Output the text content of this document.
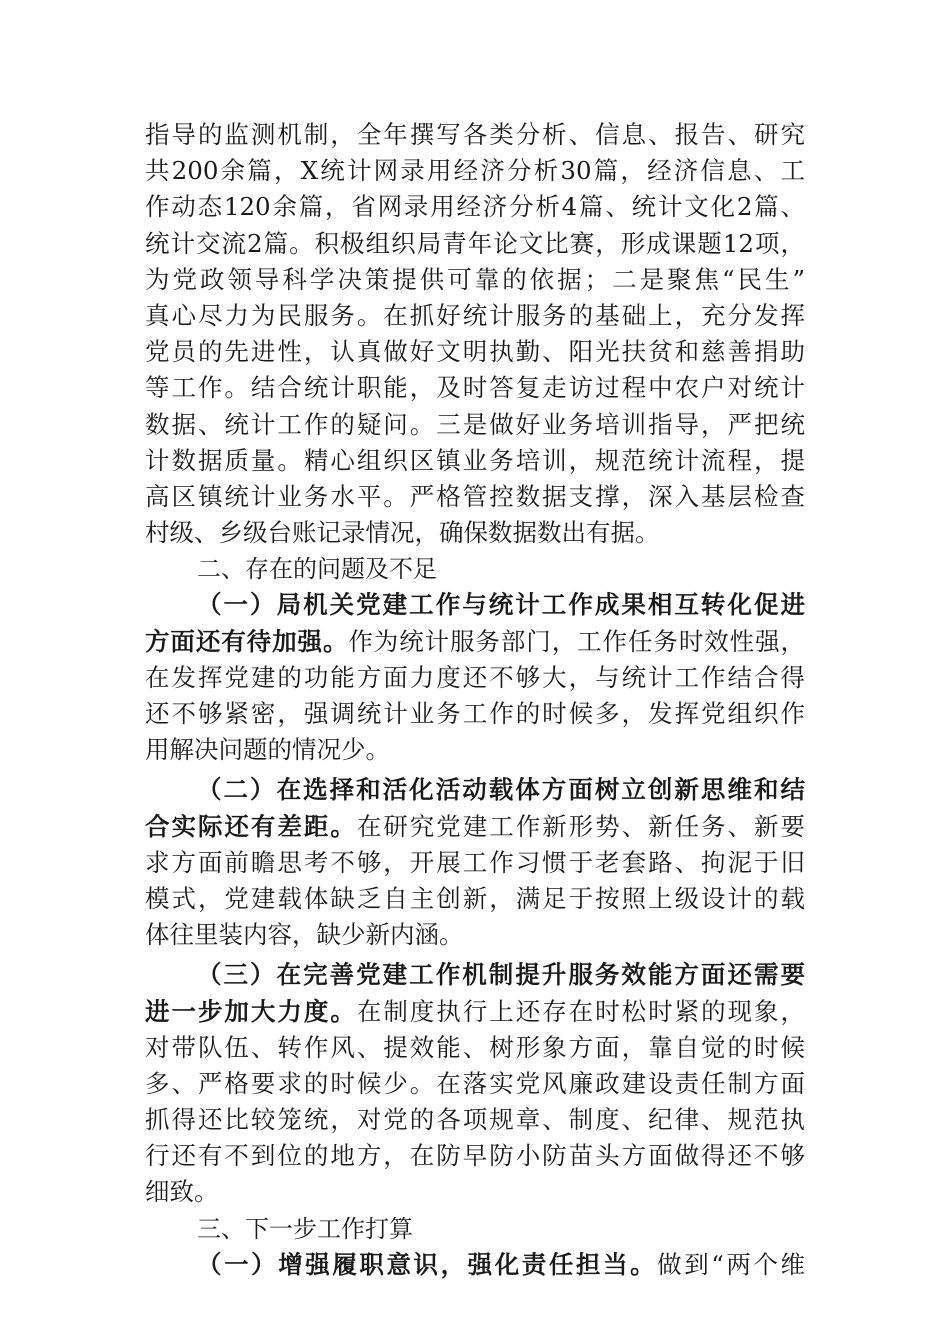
指导的监测机制，全年撰写各类分析、信息、报告、研究
共200余篇，X统计网录用经济分析30篇，经济信息、工
作动态120余篇，省网录用经济分析4篇、统计文化2篇、
统计交流2篇。积极组织局青年论文比赛，形成课题12项，
为党政领导科学决策提供可靠的依据；二是聚焦“民生”
真心尽力为民服务。在抓好统计服务的基础上，充分发挥
党员的先进性，认真做好文明执勤、阳光扶贫和慈善捐助
等工作。结合统计职能，及时答复走访过程中农户对统计
数据、统计工作的疑问。三是做好业务培训指导，严把统
计数据质量。精心组织区镇业务培训，规范统计流程，提
高区镇统计业务水平。严格管控数据支撑，深入基层检查
村级、乡级台账记录情况，确保数据数出有据。
二、存在的问题及不足
（一）局机关党建工作与统计工作成果相互转化促进
方面还有待加强。作为统计服务部门，工作任务时效性强，
在发挥党建的功能方面力度还不够大，与统计工作结合得
还不够紧密，强调统计业务工作的时候多，发挥党组织作
用解决问题的情况少。
（二）在选择和活化活动载体方面树立创新思维和结
合实际还有差距。在研究党建工作新形势、新任务、新要
求方面前瞻思考不够，开展工作习惯于老套路、拘泥于旧
模式，党建载体缺乏自主创新，满足于按照上级设计的载
体往里装内容，缺少新内涵。
（三）在完善党建工作机制提升服务效能方面还需要
进一步加大力度。在制度执行上还存在时松时紧的现象，
对带队伍、转作风、提效能、树形象方面，靠自觉的时候
多、严格要求的时候少。在落实党风廉政建设责任制方面
抓得还比较笼统，对党的各项规章、制度、纪律、规范执
行还有不到位的地方，在防早防小防苗头方面做得还不够
细致。
三、下一步工作打算
（一）增强履职意识，强化责任担当。做到“两个维
